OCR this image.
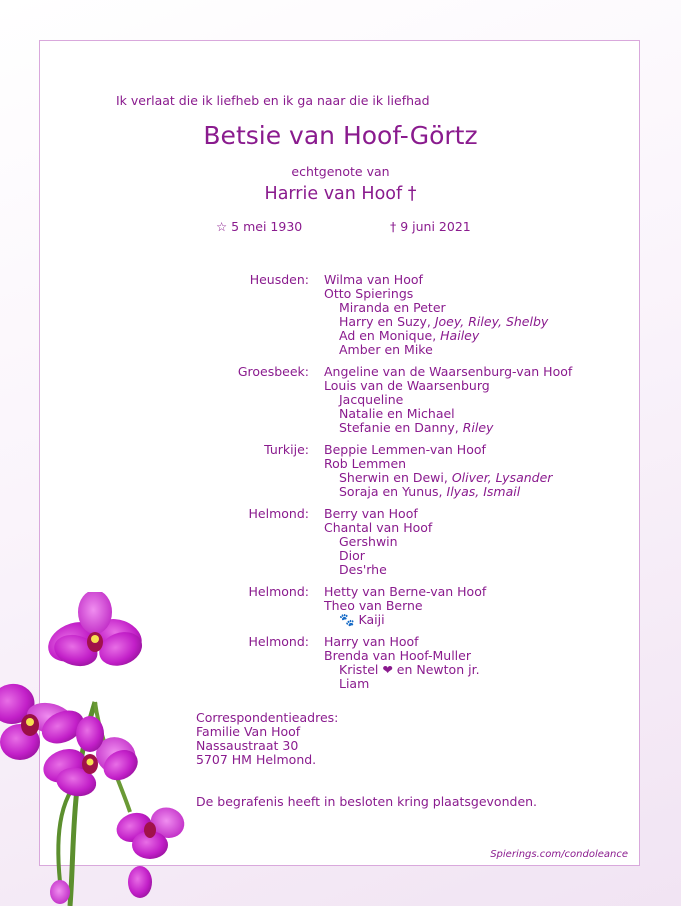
Ik verlaat die ik liefheb en ik ga naar die ik liefhad
Betsie van Hoof-Görtz
echtgenote van
Harrie van Hoof †
☆ 5 mei 1930	† 9 juni 2021
Heusden: Wilma van Hoof
Otto Spierings
Miranda en Peter
Harry en Suzy, Joey, Riley, Shelby
Ad en Monique, Hailey
Amber en Mike
Groesbeek: Angeline van de Waarsenburg-van Hoof
Louis van de Waarsenburg
Jacqueline
Natalie en Michael
Stefanie en Danny, Riley
Turkije: Beppie Lemmen-van Hoof
Rob Lemmen
Sherwin en Dewi, Oliver, Lysander
Soraja en Yunus, Ilyas, Ismail
Helmond: Berry van Hoof
Chantal van Hoof
Gershwin
Dior
Des'rhe
Helmond: Hetty van Berne-van Hoof
Theo van Berne
🐾 Kaiji
Helmond: Harry van Hoof
Brenda van Hoof-Muller
Kristel ❤ en Newton jr.
Liam
Correspondentieadres:
Familie Van Hoof
Nassaustraat 30
5707 HM Helmond.
De begrafenis heeft in besloten kring plaatsgevonden.
Spierings.com/condoleance
